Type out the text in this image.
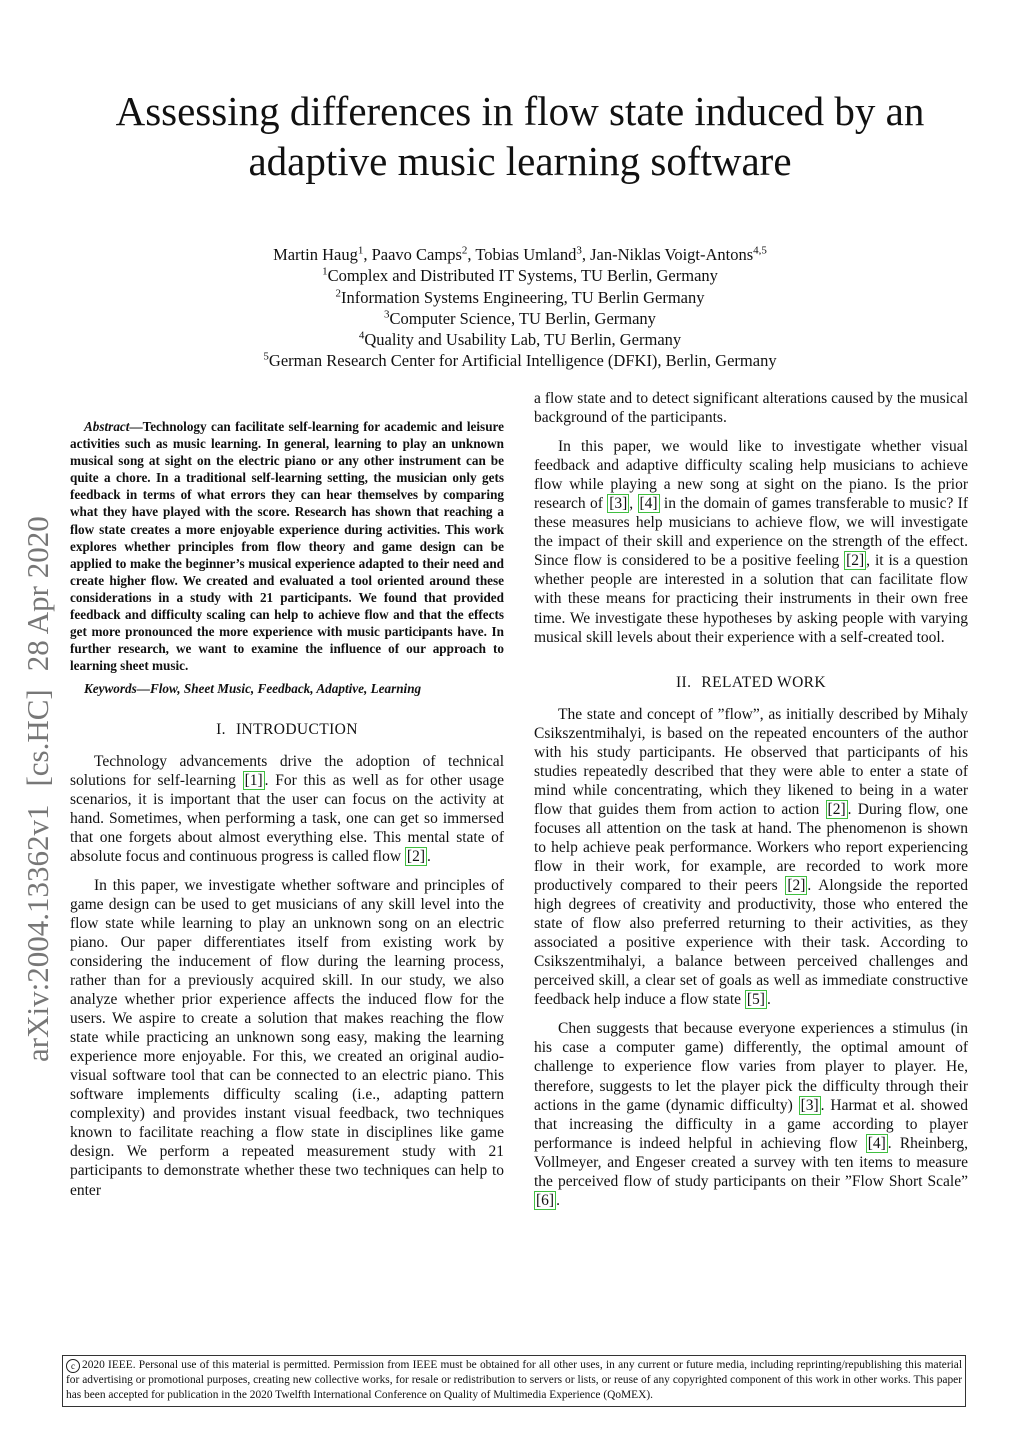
Assessing differences in flow state induced by an
adaptive music learning software
Martin Haug$^1$, Paavo Camps$^2$, Tobias Umland$^3$, Jan-Niklas Voigt-Antons$^{4,5}$
$^1$Complex and Distributed IT Systems, TU Berlin, Germany
$^2$Information Systems Engineering, TU Berlin Germany
$^3$Computer Science, TU Berlin, Germany
$^4$Quality and Usability Lab, TU Berlin, Germany
$^5$German Research Center for Artificial Intelligence (DFKI), Berlin, Germany
arXiv:2004.13362v1[cs.HC]28 Apr 2020

Abstract—Technology can facilitate self-learning for academic and leisure activities such as music learning. In general, learning to play an unknown musical song at sight on the electric piano or any other instrument can be quite a chore. In a traditional self-learning setting, the musician only gets feedback in terms of what errors they can hear themselves by comparing what they have played with the score. Research has shown that reaching a flow state creates a more enjoyable experience during activities. This work explores whether principles from flow theory and game design can be applied to make the beginner’s musical experience adapted to their need and create higher flow. We created and evaluated a tool oriented around these considerations in a study with 21 participants. We found that provided feedback and difficulty scaling can help to achieve flow and that the effects get more pronounced the more experience with music participants have. In further research, we want to examine the influence of our approach to learning sheet music.

Keywords—Flow, Sheet Music, Feedback, Adaptive, Learning

I. INTRODUCTION

Technology advancements drive the adoption of technical solutions for self-learning [1] . For this as well as for other usage scenarios, it is important that the user can focus on the activity at hand. Sometimes, when performing a task, one can get so immersed that one forgets about almost everything else. This mental state of absolute focus and continuous progress is called flow [2] .

In this paper, we investigate whether software and principles of game design can be used to get musicians of any skill level into the flow state while learning to play an unknown song on an electric piano. Our paper differentiates itself from existing work by considering the inducement of flow during the learning process, rather than for a previously acquired skill. In our study, we also analyze whether prior experience affects the induced flow for the users. We aspire to create a solution that makes reaching the flow state while practicing an unknown song easy, making the learning experience more enjoyable. For this, we created an original audio-visual software tool that can be connected to an electric piano. This software implements difficulty scaling (i.e., adapting pattern complexity) and provides instant visual feedback, two techniques known to facilitate reaching a flow state in disciplines like game design. We perform a repeated measurement study with 21 participants to demonstrate whether these two techniques can help to enter

a flow state and to detect significant alterations caused by the musical background of the participants.

In this paper, we would like to investigate whether visual feedback and adaptive difficulty scaling help musicians to achieve flow while playing a new song at sight on the piano. Is the prior research of [3] , [4] in the domain of games transferable to music? If these measures help musicians to achieve flow, we will investigate the impact of their skill and experience on the strength of the effect. Since flow is considered to be a positive feeling [2] , it is a question whether people are interested in a solution that can facilitate flow with these means for practicing their instruments in their own free time. We investigate these hypotheses by asking people with varying musical skill levels about their experience with a self-created tool.

II. RELATED WORK

The state and concept of ”flow”, as initially described by Mihaly Csikszentmihalyi, is based on the repeated encounters of the author with his study participants. He observed that participants of his studies repeatedly described that they were able to enter a state of mind while concentrating, which they likened to being in a water flow that guides them from action to action [2] . During flow, one focuses all attention on the task at hand. The phenomenon is shown to help achieve peak performance. Workers who report experiencing flow in their work, for example, are recorded to work more productively compared to their peers [2] . Alongside the reported high degrees of creativity and productivity, those who entered the state of flow also preferred returning to their activities, as they associated a positive experience with their task. According to Csikszentmihalyi, a balance between perceived challenges and perceived skill, a clear set of goals as well as immediate constructive feedback help induce a flow state [5] .

Chen suggests that because everyone experiences a stimulus (in his case a computer game) differently, the optimal amount of challenge to experience flow varies from player to player. He, therefore, suggests to let the player pick the difficulty through their actions in the game (dynamic difficulty) [3] . Harmat et al. showed that increasing the difficulty in a game according to player performance is indeed helpful in achieving flow [4] . Rheinberg, Vollmeyer, and Engeser created a survey with ten items to measure the perceived flow of study participants on their ”Flow Short Scale” [6] .

c 2020 IEEE. Personal use of this material is permitted. Permission from IEEE must be obtained for all other uses, in any current or future media, including reprinting/republishing this material for advertising or promotional purposes, creating new collective works, for resale or redistribution to servers or lists, or reuse of any copyrighted component of this work in other works. This paper has been accepted for publication in the 2020 Twelfth International Conference on Quality of Multimedia Experience (QoMEX).
